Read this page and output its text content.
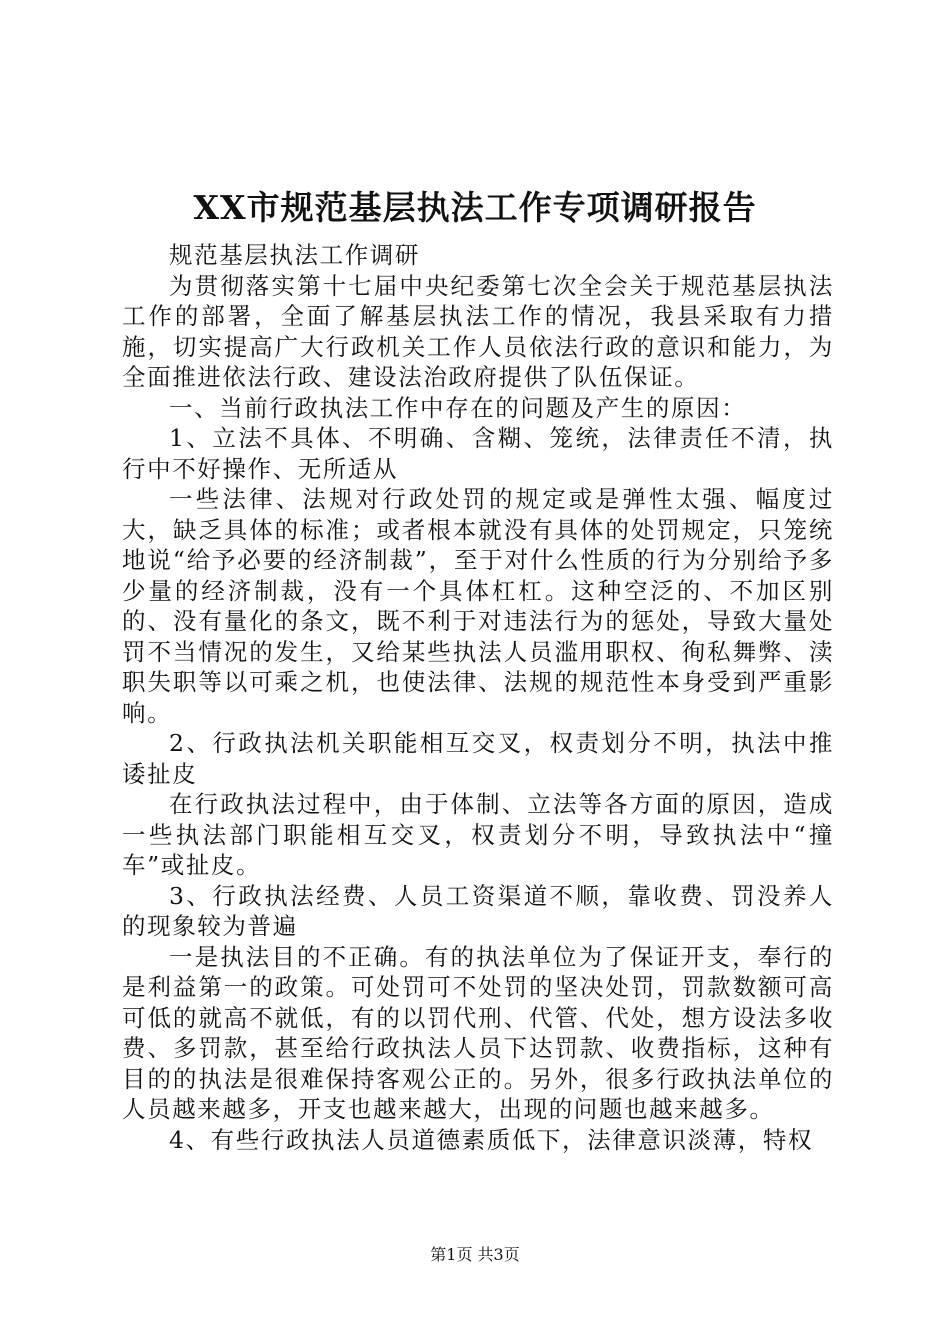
XX市规范基层执法工作专项调研报告

规范基层执法工作调研

为贯彻落实第十七届中央纪委第七次全会关于规范基层执法工作的部署，全面了解基层执法工作的情况，我县采取有力措施，切实提高广大行政机关工作人员依法行政的意识和能力，为全面推进依法行政、建设法治政府提供了队伍保证。

一、当前行政执法工作中存在的问题及产生的原因：

1、立法不具体、不明确、含糊、笼统，法律责任不清，执行中不好操作、无所适从

一些法律、法规对行政处罚的规定或是弹性太强、幅度过大，缺乏具体的标准；或者根本就没有具体的处罚规定，只笼统地说“给予必要的经济制裁”，至于对什么性质的行为分别给予多少量的经济制裁，没有一个具体杠杠。这种空泛的、不加区别的、没有量化的条文，既不利于对违法行为的惩处，导致大量处罚不当情况的发生，又给某些执法人员滥用职权、徇私舞弊、渎职失职等以可乘之机，也使法律、法规的规范性本身受到严重影响。

2、行政执法机关职能相互交叉，权责划分不明，执法中推诿扯皮

在行政执法过程中，由于体制、立法等各方面的原因，造成一些执法部门职能相互交叉，权责划分不明，导致执法中“撞车”或扯皮。

3、行政执法经费、人员工资渠道不顺，靠收费、罚没养人的现象较为普遍

一是执法目的不正确。有的执法单位为了保证开支，奉行的是利益第一的政策。可处罚可不处罚的坚决处罚，罚款数额可高可低的就高不就低，有的以罚代刑、代管、代处，想方设法多收费、多罚款，甚至给行政执法人员下达罚款、收费指标，这种有目的的执法是很难保持客观公正的。另外，很多行政执法单位的人员越来越多，开支也越来越大，出现的问题也越来越多。

4、有些行政执法人员道德素质低下，法律意识淡薄，特权

第1页 共3页
